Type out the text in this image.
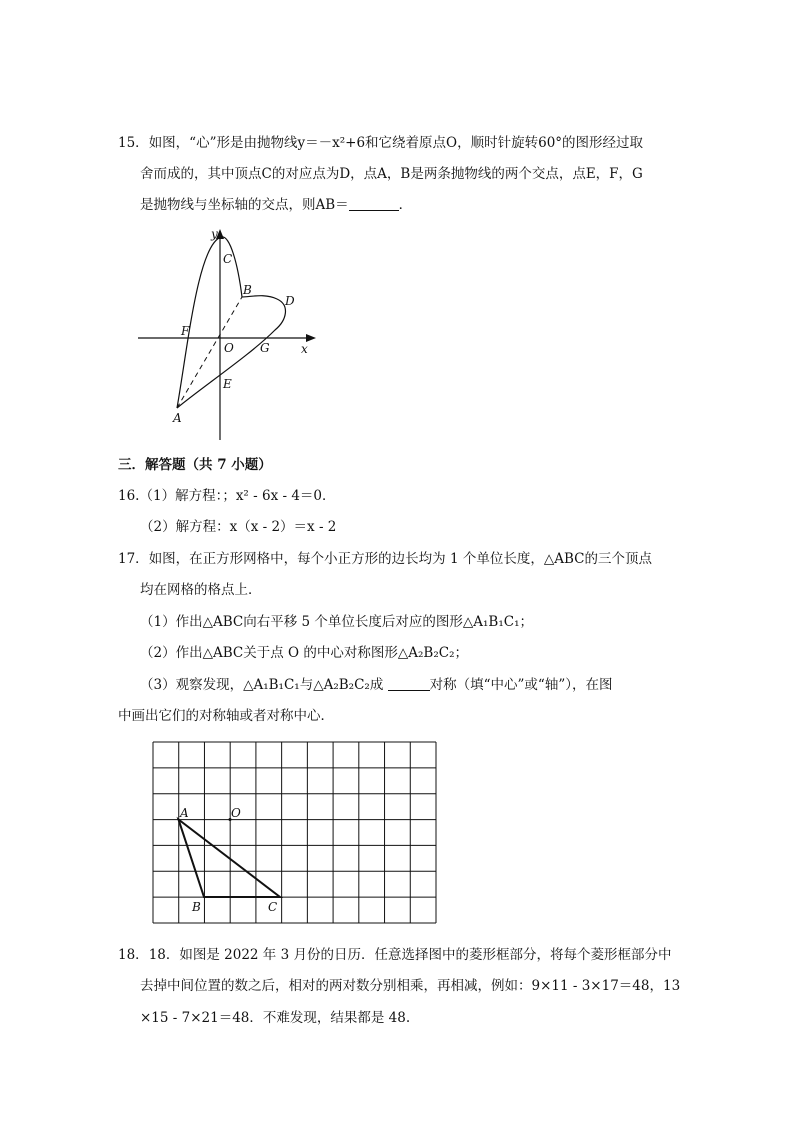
15．如图，“心”形是由抛物线y＝－x²+6和它绕着原点O，顺时针旋转60°的图形经过取
舍而成的，其中顶点C的对应点为D，点A，B是两条抛物线的两个交点，点E，F，G
是抛物线与坐标轴的交点，则AB＝	．
y
C
B
D
F
O G	x
E
A
三．解答题（共 7 小题）
16.（1）解方程：；x² - 6x - 4＝0．
（2）解方程：x（x - 2）＝x - 2
17．如图，在正方形网格中，每个小正方形的边长均为 1 个单位长度，△ABC的三个顶点
均在网格的格点上．
（1）作出△ABC向右平移 5 个单位长度后对应的图形△A₁B₁C₁；
（2）作出△ABC关于点 O 的中心对称图形△A₂B₂C₂；
（3）观察发现，△A₁B₁C₁与△A₂B₂C₂成	对称（填“中心”或“轴”），在图
中画出它们的对称轴或者对称中心．
A	O
B	C
18．18．如图是 2022 年 3 月份的日历．任意选择图中的菱形框部分，将每个菱形框部分中
去掉中间位置的数之后，相对的两对数分别相乘，再相减，例如：9×11 - 3×17＝48，13
×15 - 7×21＝48．不难发现，结果都是 48.
